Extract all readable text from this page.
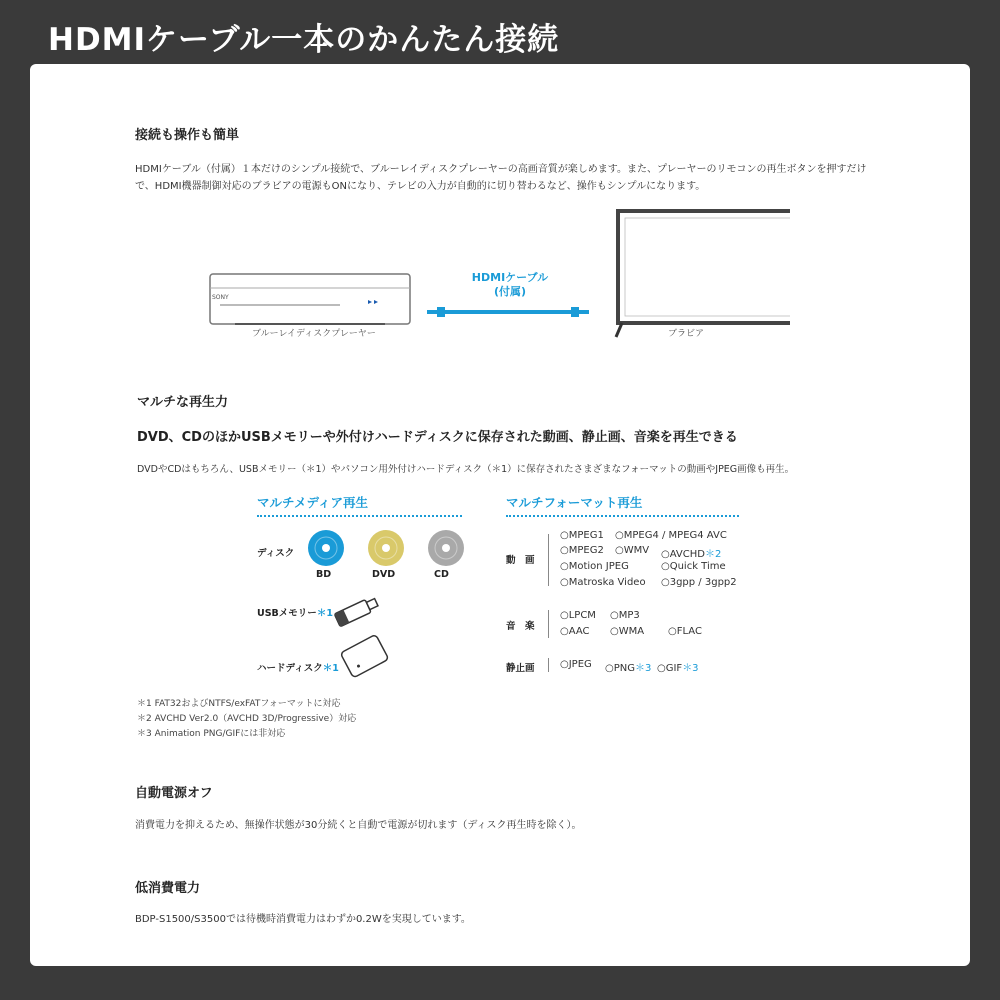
HDMIケーブル一本のかんたん接続
接続も操作も簡単
HDMIケーブル（付属）１本だけのシンプル接続で、ブルーレイディスクプレーヤーの高画音質が楽しめます。また、プレーヤーのリモコンの再生ボタンを押すだけ
で、HDMI機器制御対応のブラビアの電源もONになり、テレビの入力が自動的に切り替わるなど、操作もシンプルになります。
SONY
SONY
ブルーレイディスクプレーヤー
HDMIケーブル
(付属)
ブラビア
マルチな再生力
DVD、CDのほかUSBメモリーや外付けハードディスクに保存された動画、静止画、音楽を再生できる
DVDやCDはもちろん、USBメモリー（＊1）やパソコン用外付けハードディスク（＊1）に保存されたさまざまなフォーマットの動画やJPEG画像も再生。
マルチメディア再生
ディスク
BD	DVD	CD
USBメモリー＊1
ハードディスク＊1
マルチフォーマット再生
動　画
○MPEG1 ○MPEG4 / MPEG4 AVC
○MPEG2 ○WMV ○AVCHD＊2
○Motion JPEG	○Quick Time
○Matroska Video ○3gpp / 3gpp2
音　楽
○LPCM ○MP3
○AAC ○WMA ○FLAC
静止画	○JPEG ○PNG＊3 ○GIF＊3
＊1 FAT32およびNTFS/exFATフォーマットに対応
＊2 AVCHD Ver2.0（AVCHD 3D/Progressive）対応
＊3 Animation PNG/GIFには非対応
自動電源オフ
消費電力を抑えるため、無操作状態が30分続くと自動で電源が切れます（ディスク再生時を除く）。
低消費電力
BDP-S1500/S3500では待機時消費電力はわずか0.2Wを実現しています。
